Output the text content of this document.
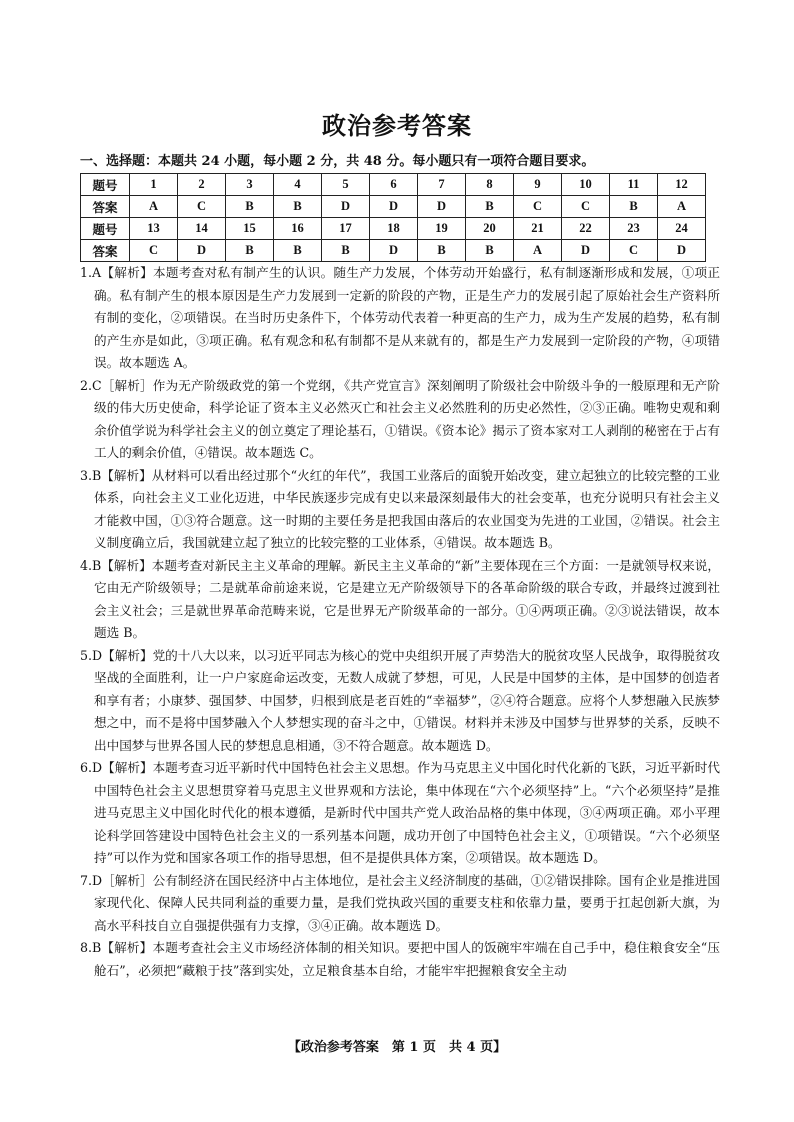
政治参考答案
一、选择题：本题共 24 小题，每小题 2 分，共 48 分。每小题只有一项符合题目要求。
题号	1	2	3	4	5	6	7	8	9	10	11	12
答案	A	C	B	B	D	D	D	B	C	C	B	A
题号	13	14	15	16	17	18	19	20	21	22	23	24
答案	C	D	B	B	B	D	B	B	A	D	C	D

1.A【解析】本题考查对私有制产生的认识。随生产力发展，个体劳动开始盛行，私有制逐渐形成和发展，①项正确。私有制产生的根本原因是生产力发展到一定新的阶段的产物，正是生产力的发展引起了原始社会生产资料所有制的变化，②项错误。在当时历史条件下，个体劳动代表着一种更高的生产力，成为生产发展的趋势，私有制的产生亦是如此，③项正确。私有观念和私有制都不是从来就有的，都是生产力发展到一定阶段的产物，④项错误。故本题选 A。

2.C［解析］作为无产阶级政党的第一个党纲，《共产党宣言》深刻阐明了阶级社会中阶级斗争的一般原理和无产阶级的伟大历史使命，科学论证了资本主义必然灭亡和社会主义必然胜利的历史必然性，②③正确。唯物史观和剩余价值学说为科学社会主义的创立奠定了理论基石，①错误。《资本论》揭示了资本家对工人剥削的秘密在于占有工人的剩余价值，④错误。故本题选 C。

3.B【解析】从材料可以看出经过那个“火红的年代”，我国工业落后的面貌开始改变，建立起独立的比较完整的工业体系，向社会主义工业化迈进，中华民族逐步完成有史以来最深刻最伟大的社会变革，也充分说明只有社会主义才能救中国，①③符合题意。这一时期的主要任务是把我国由落后的农业国变为先进的工业国，②错误。社会主义制度确立后，我国就建立起了独立的比较完整的工业体系，④错误。故本题选 B。

4.B【解析】本题考查对新民主主义革命的理解。新民主主义革命的“新”主要体现在三个方面：一是就领导权来说，它由无产阶级领导；二是就革命前途来说，它是建立无产阶级领导下的各革命阶级的联合专政，并最终过渡到社会主义社会；三是就世界革命范畴来说，它是世界无产阶级革命的一部分。①④两项正确。②③说法错误，故本题选 B。

5.D【解析】党的十八大以来，以习近平同志为核心的党中央组织开展了声势浩大的脱贫攻坚人民战争，取得脱贫攻坚战的全面胜利，让一户户家庭命运改变，无数人成就了梦想，可见，人民是中国梦的主体，是中国梦的创造者和享有者；小康梦、强国梦、中国梦，归根到底是老百姓的“幸福梦”，②④符合题意。应将个人梦想融入民族梦想之中，而不是将中国梦融入个人梦想实现的奋斗之中，①错误。材料并未涉及中国梦与世界梦的关系，反映不出中国梦与世界各国人民的梦想息息相通，③不符合题意。故本题选 D。

6.D【解析】本题考查习近平新时代中国特色社会主义思想。作为马克思主义中国化时代化新的飞跃，习近平新时代中国特色社会主义思想贯穿着马克思主义世界观和方法论，集中体现在“六个必须坚持”上。“六个必须坚持”是推进马克思主义中国化时代化的根本遵循，是新时代中国共产党人政治品格的集中体现，③④两项正确。邓小平理论科学回答建设中国特色社会主义的一系列基本问题，成功开创了中国特色社会主义，①项错误。“六个必须坚持”可以作为党和国家各项工作的指导思想，但不是提供具体方案，②项错误。故本题选 D。

7.D［解析］公有制经济在国民经济中占主体地位，是社会主义经济制度的基础，①②错误排除。国有企业是推进国家现代化、保障人民共同利益的重要力量，是我们党执政兴国的重要支柱和依靠力量，要勇于扛起创新大旗，为高水平科技自立自强提供强有力支撑，③④正确。故本题选 D。

8.B【解析】本题考查社会主义市场经济体制的相关知识。要把中国人的饭碗牢牢端在自己手中，稳住粮食安全“压舱石”，必须把“藏粮于技”落到实处，立足粮食基本自给，才能牢牢把握粮食安全主动

【政治参考答案　第 1 页　共 4 页】
